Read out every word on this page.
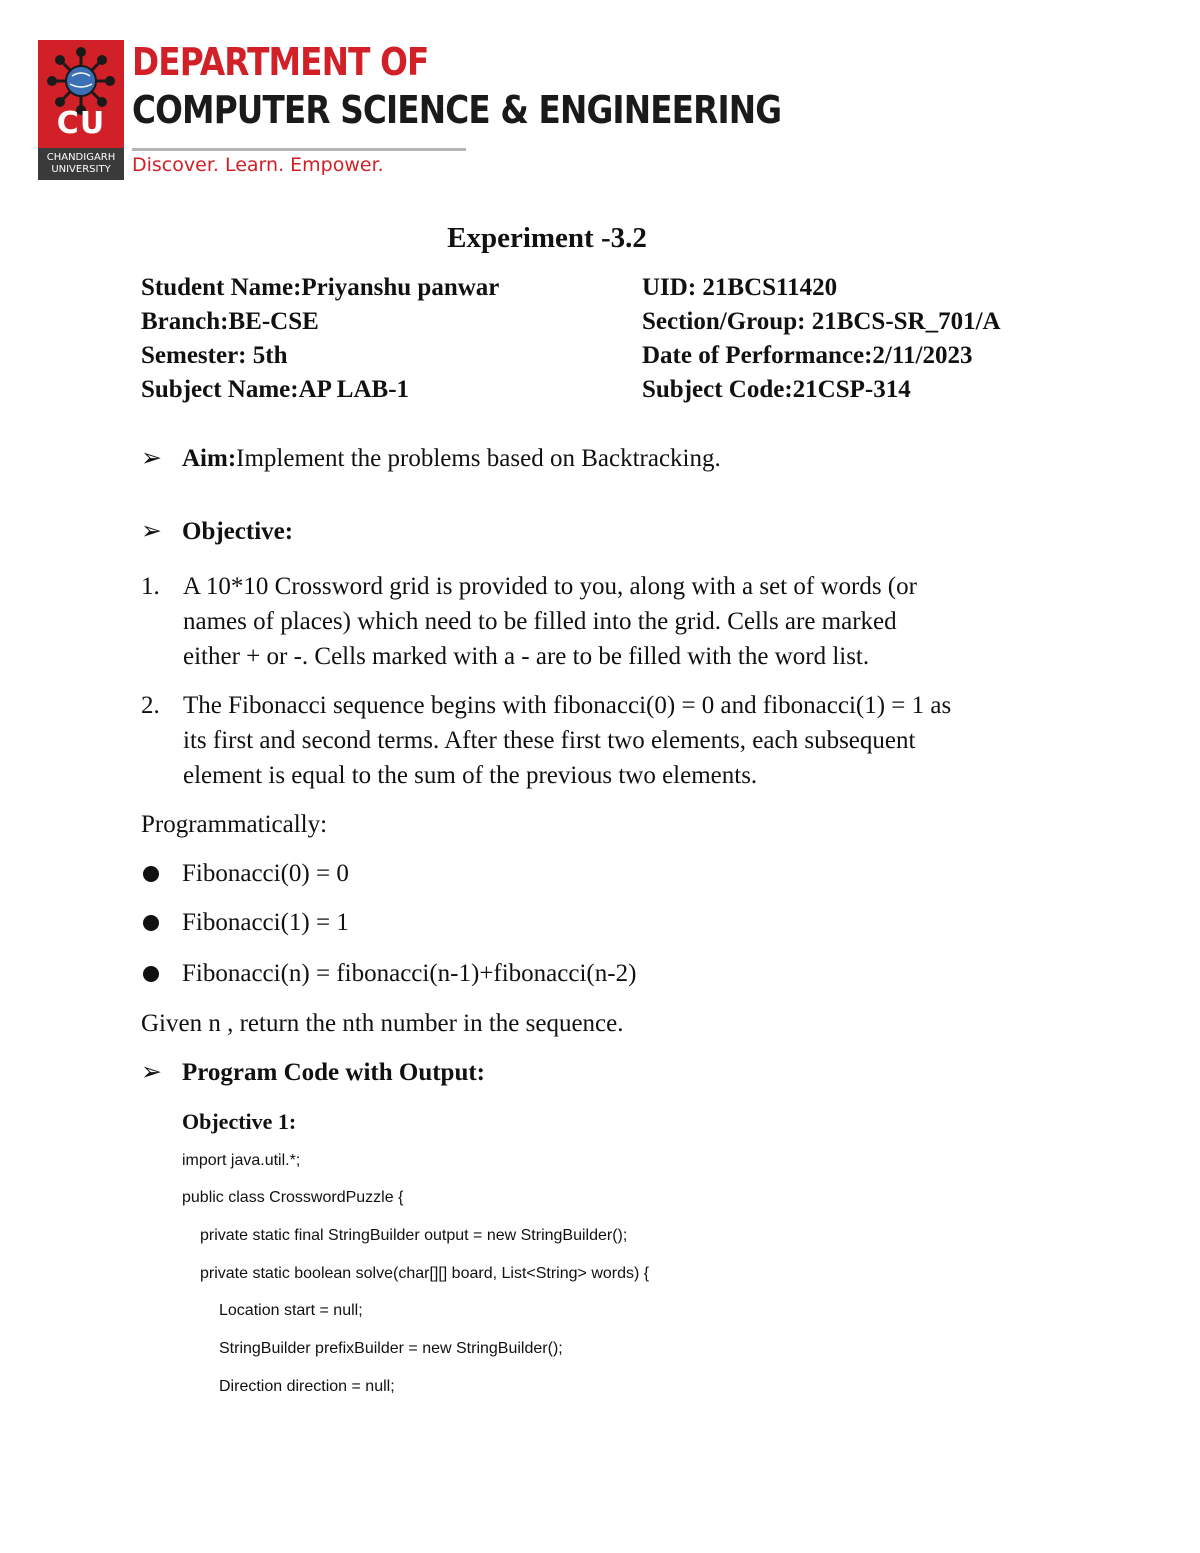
CU
CHANDIGARH
UNIVERSITY
DEPARTMENT OF
COMPUTER SCIENCE & ENGINEERING
Discover. Learn. Empower.
Experiment -3.2
Student Name:Priyanshu panwar	UID: 21BCS11420
Branch:BE-CSE	Section/Group: 21BCS-SR_701/A
Semester: 5th	Date of Performance:2/11/2023
Subject Name:AP LAB-1	Subject Code:21CSP-314
➢ Aim:Implement the problems based on Backtracking.
➢ Objective:
1. A 10*10 Crossword grid is provided to you, along with a set of words (or
names of places) which need to be filled into the grid. Cells are marked
either + or -. Cells marked with a - are to be filled with the word list.
2. The Fibonacci sequence begins with fibonacci(0) = 0 and fibonacci(1) = 1 as
its first and second terms. After these first two elements, each subsequent
element is equal to the sum of the previous two elements.
Programmatically:
Fibonacci(0) = 0
Fibonacci(1) = 1
Fibonacci(n) = fibonacci(n-1)+fibonacci(n-2)
Given n , return the nth number in the sequence.
➢ Program Code with Output:
Objective 1:
import java.util.*;
public class CrosswordPuzzle {
private static final StringBuilder output = new StringBuilder();
private static boolean solve(char[][] board, List<String> words) {
Location start = null;
StringBuilder prefixBuilder = new StringBuilder();
Direction direction = null;
